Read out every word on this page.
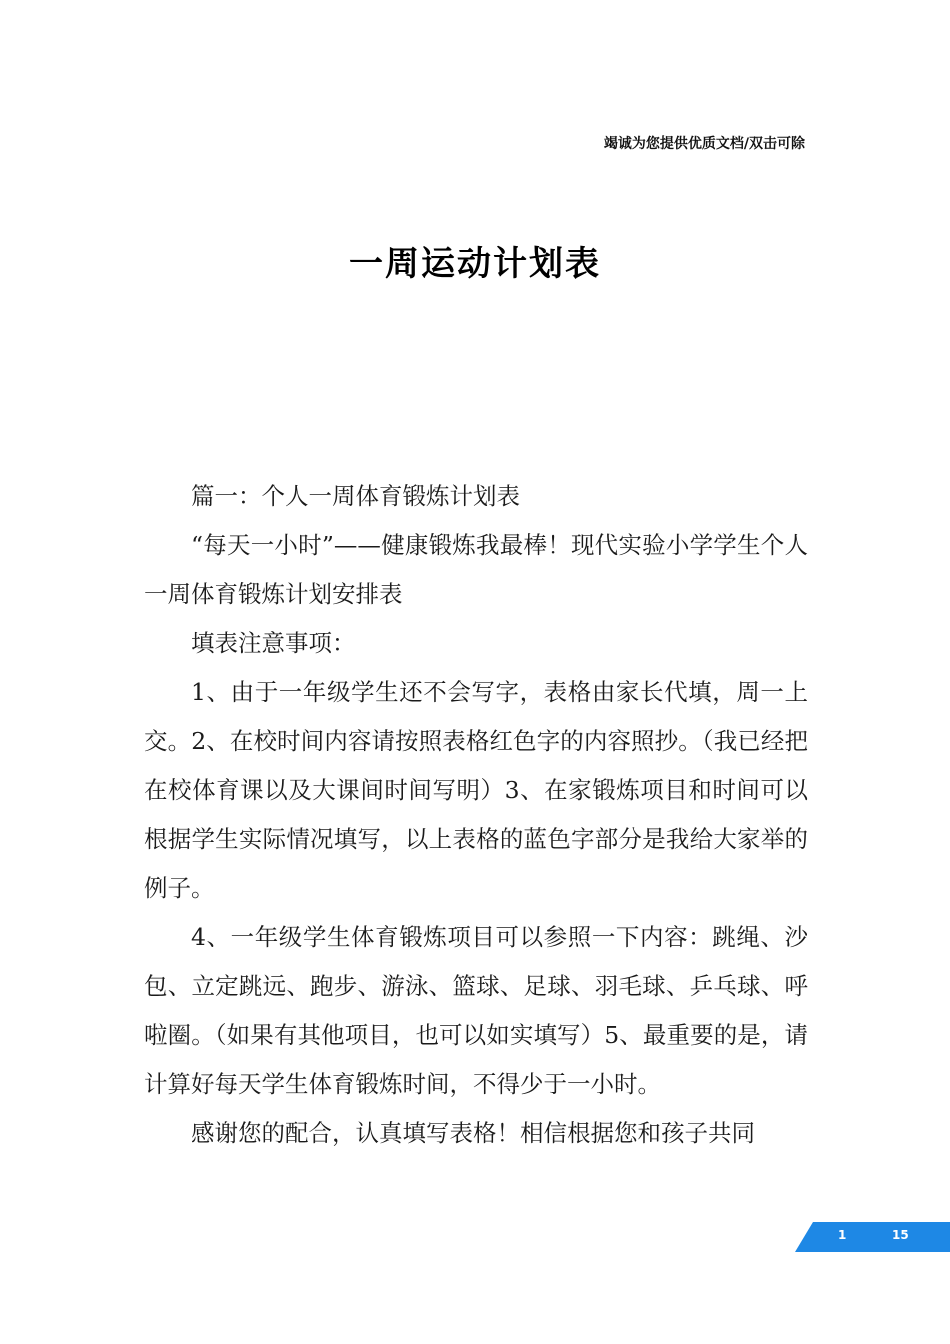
竭诚为您提供优质文档/双击可除
一周运动计划表

篇一：个人一周体育锻炼计划表

“每天一小时”——健康锻炼我最棒！现代实验小学学生个人一周体育锻炼计划安排表

填表注意事项：

1、由于一年级学生还不会写字，表格由家长代填，周一上交。2、在校时间内容请按照表格红色字的内容照抄。（我已经把在校体育课以及大课间时间写明）3、在家锻炼项目和时间可以根据学生实际情况填写，以上表格的蓝色字部分是我给大家举的例子。

4、一年级学生体育锻炼项目可以参照一下内容：跳绳、沙包、立定跳远、跑步、游泳、篮球、足球、羽毛球、乒乓球、呼啦圈。（如果有其他项目，也可以如实填写）5、最重要的是，请计算好每天学生体育锻炼时间，不得少于一小时。

感谢您的配合，认真填写表格！相信根据您和孩子共同

1	15
